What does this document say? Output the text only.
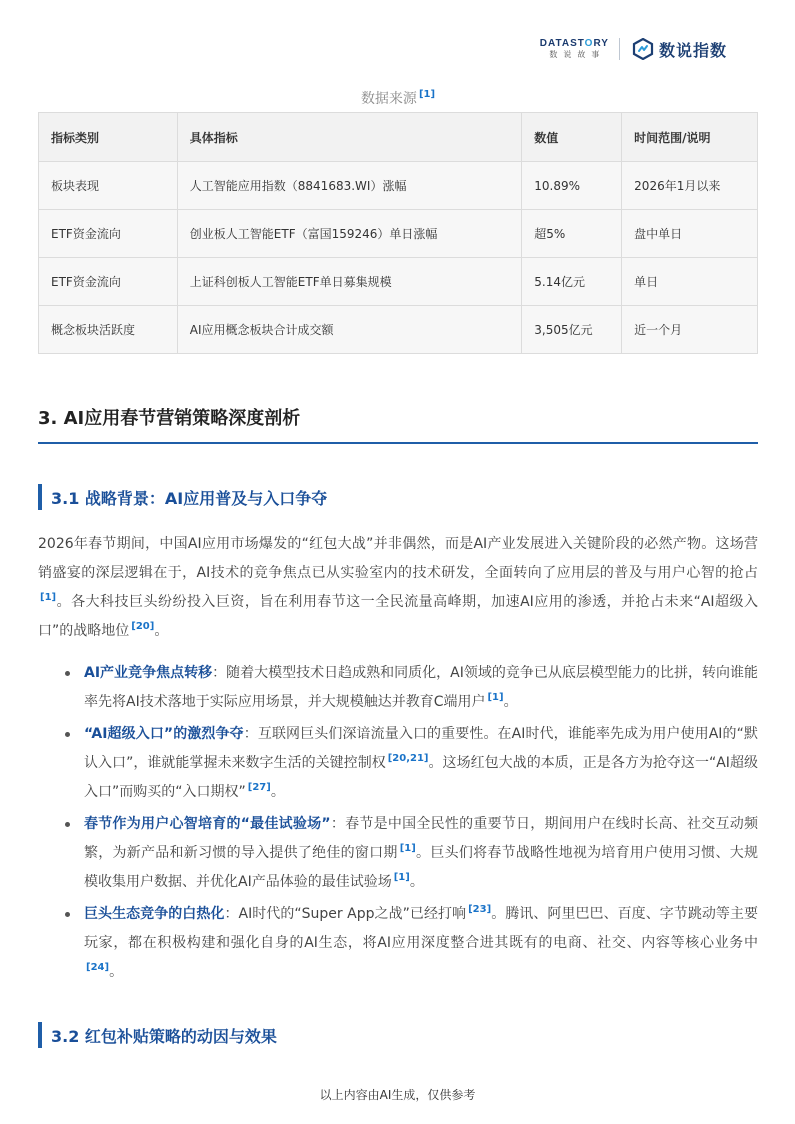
DATASTORY
数说故事	数说指数
数据来源 [1]
指标类别	具体指标	数值	时间范围/说明
板块表现	人工智能应用指数（8841683.WI）涨幅	10.89%	2026年1月以来
ETF资金流向	创业板人工智能ETF（富国159246）单日涨幅	超5%	盘中单日
ETF资金流向	上证科创板人工智能ETF单日募集规模	5.14亿元	单日
概念板块活跃度	AI应用概念板块合计成交额	3,505亿元	近一个月
3. AI应用春节营销策略深度剖析
3.1 战略背景：AI应用普及与入口争夺

2026年春节期间，中国AI应用市场爆发的“红包大战”并非偶然，而是AI产业发展进入关键阶段的必然产物。这场营销盛宴的深层逻辑在于，AI技术的竞争焦点已从实验室内的技术研发，全面转向了应用层的普及与用户心智的抢占[1]。各大科技巨头纷纷投入巨资，旨在利用春节这一全民流量高峰期，加速AI应用的渗透，并抢占未来“AI超级入口”的战略地位 [20]。

AI产业竞争焦点转移：随着大模型技术日趋成熟和同质化，AI领域的竞争已从底层模型能力的比拼，转向谁能率先将AI技术落地于实际应用场景，并大规模触达并教育C端用户 [1]。
“AI超级入口”的激烈争夺：互联网巨头们深谙流量入口的重要性。在AI时代，谁能率先成为用户使用AI的“默认入口”，谁就能掌握未来数字生活的关键控制权 [20,21]。这场红包大战的本质，正是各方为抢夺这一“AI超级入口”而购买的“入口期权” [27]。
春节作为用户心智培育的“最佳试验场”：春节是中国全民性的重要节日，期间用户在线时长高、社交互动频繁，为新产品和新习惯的导入提供了绝佳的窗口期 [1]。巨头们将春节战略性地视为培育用户使用习惯、大规模收集用户数据、并优化AI产品体验的最佳试验场 [1]。
巨头生态竞争的白热化：AI时代的“Super App之战”已经打响 [23]。腾讯、阿里巴巴、百度、字节跳动等主要玩家，都在积极构建和强化自身的AI生态，将AI应用深度整合进其既有的电商、社交、内容等核心业务中[24]。
3.2 红包补贴策略的动因与效果
以上内容由AI生成，仅供参考
